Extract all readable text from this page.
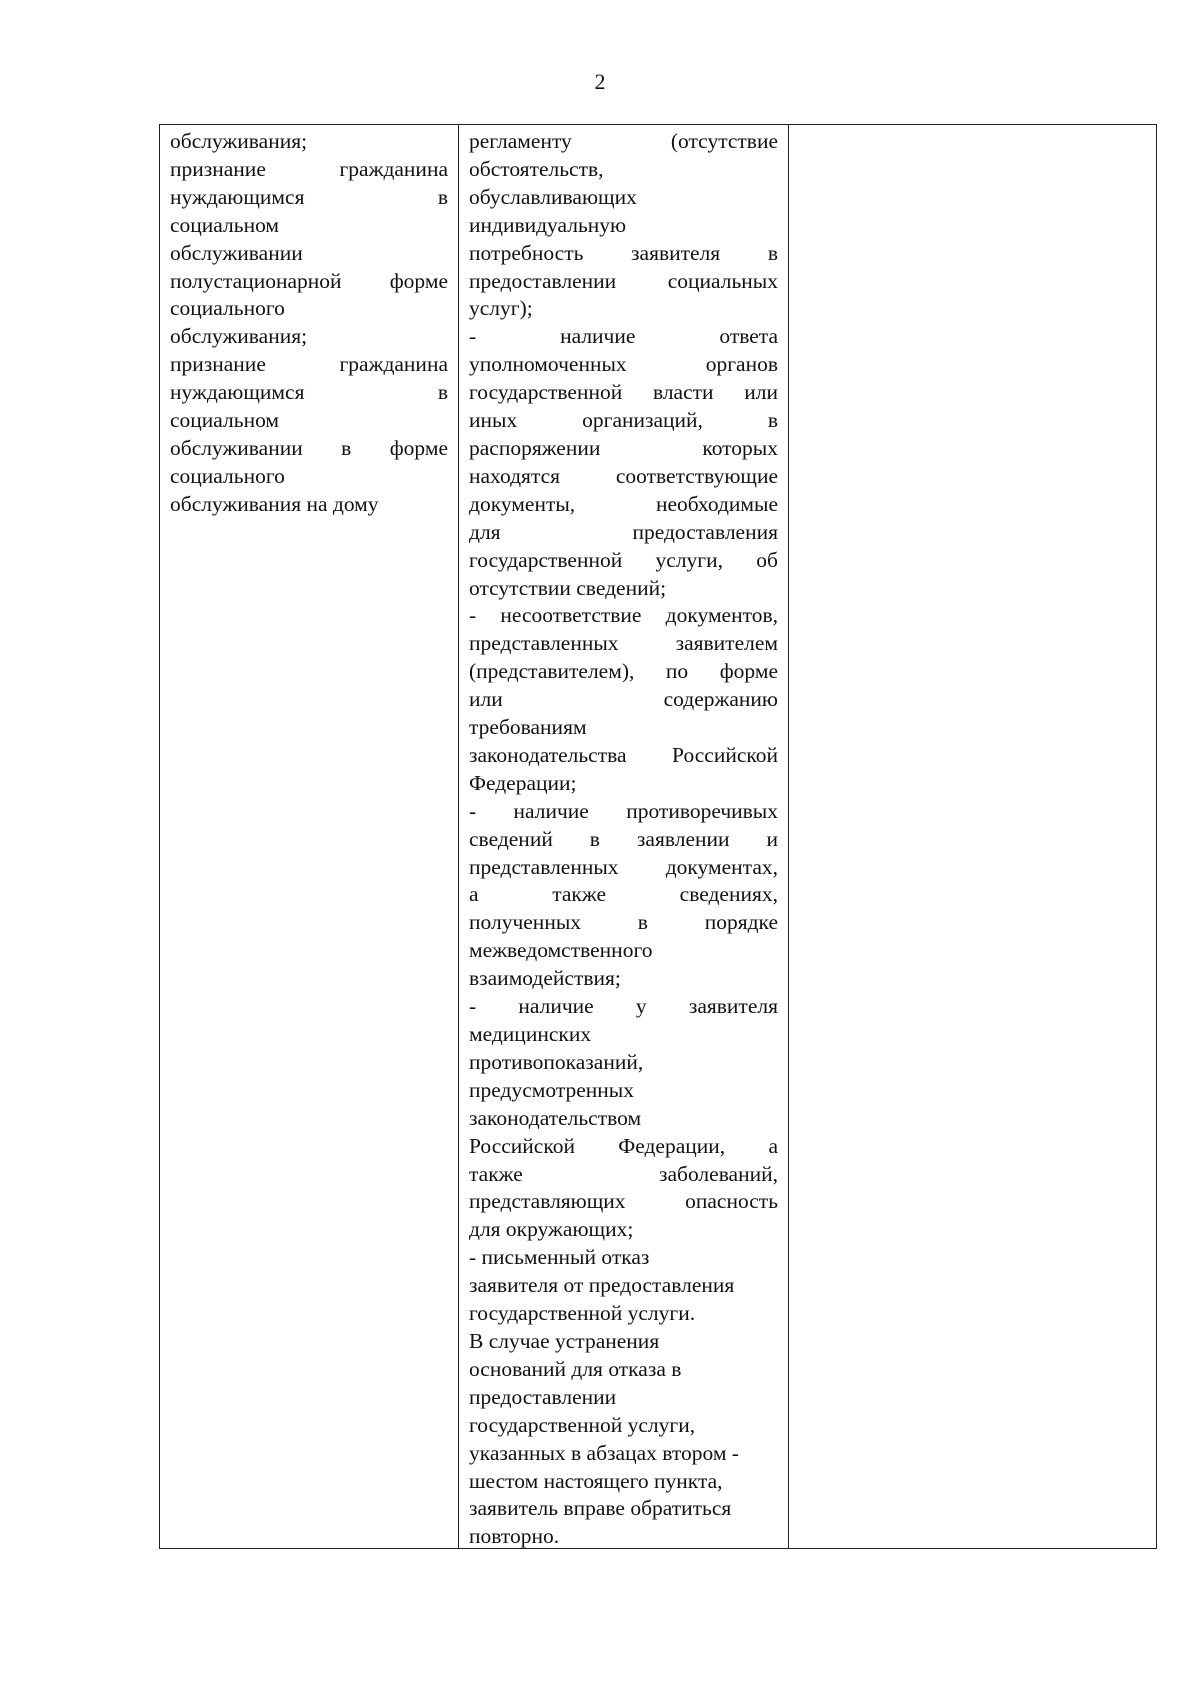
2
обслуживания;
признание гражданина
нуждающимся в
социальном
обслуживании
полустационарной форме
социального
обслуживания;
признание гражданина
нуждающимся в
социальном
обслуживании в форме
социального
обслуживания на дому
регламенту (отсутствие
обстоятельств,
обуславливающих
индивидуальную
потребность заявителя в
предоставлении социальных
услуг);
- наличие ответа
уполномоченных органов
государственной власти или
иных организаций, в
распоряжении которых
находятся соответствующие
документы, необходимые
для предоставления
государственной услуги, об
отсутствии сведений;
- несоответствие документов,
представленных заявителем
(представителем), по форме
или содержанию
требованиям
законодательства Российской
Федерации;
- наличие противоречивых
сведений в заявлении и
представленных документах,
а также сведениях,
полученных в порядке
межведомственного
взаимодействия;
- наличие у заявителя
медицинских
противопоказаний,
предусмотренных
законодательством
Российской Федерации, а
также заболеваний,
представляющих опасность
для окружающих;
- письменный отказ
заявителя от предоставления
государственной услуги.
В случае устранения
оснований для отказа в
предоставлении
государственной услуги,
указанных в абзацах втором -
шестом настоящего пункта,
заявитель вправе обратиться
повторно.
